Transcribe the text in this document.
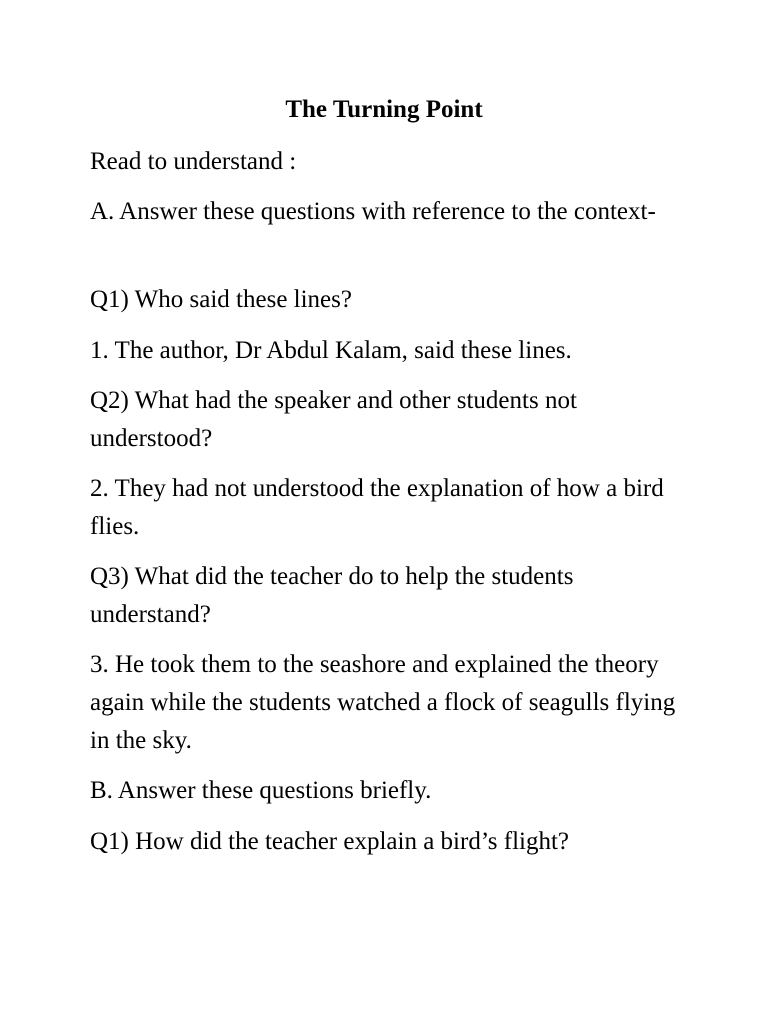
The Turning Point

Read to understand :

A. Answer these questions with reference to the context-

Q1) Who said these lines?

1. The author, Dr Abdul Kalam, said these lines.

Q2) What had the speaker and other students not understood?

2. They had not understood the explanation of how a bird flies.

Q3) What did the teacher do to help the students understand?

3. He took them to the seashore and explained the theory again while the students watched a flock of seagulls flying in the sky.

B. Answer these questions briefly.

Q1) How did the teacher explain a bird’s flight?
